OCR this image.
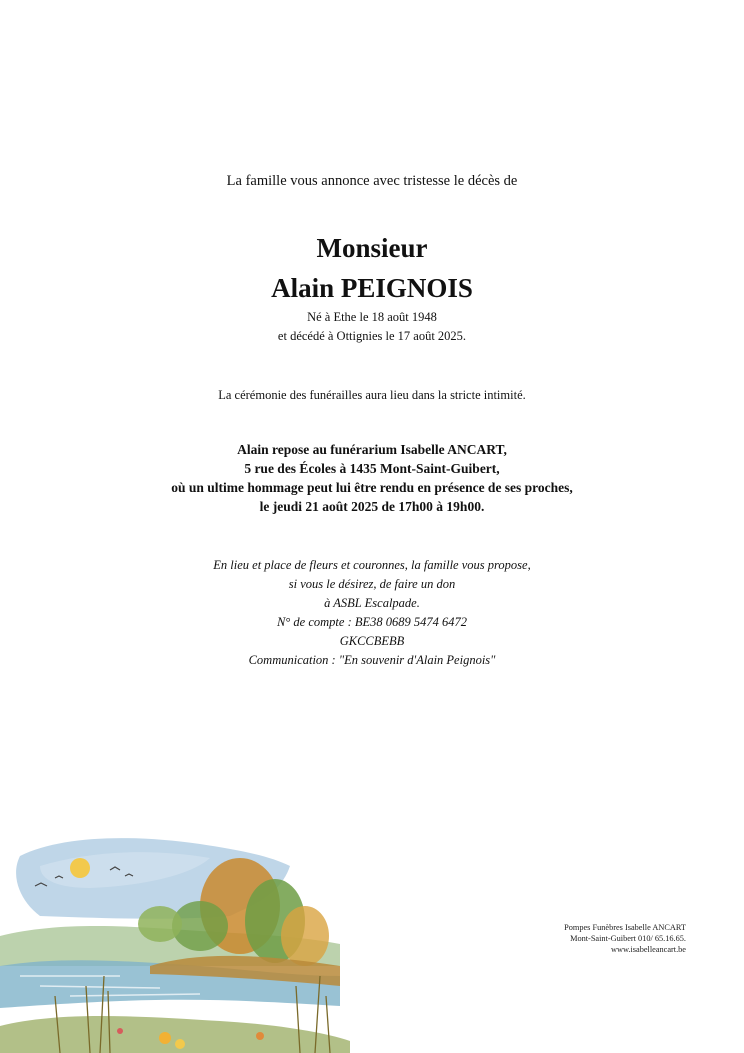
La famille vous annonce avec tristesse le décès de
Monsieur
Alain PEIGNOIS
Né à Ethe le 18 août 1948
et décédé à Ottignies le 17 août 2025.
La cérémonie des funérailles aura lieu dans la stricte intimité.
Alain repose au funérarium Isabelle ANCART,
5 rue des Écoles à 1435 Mont-Saint-Guibert,
où un ultime hommage peut lui être rendu en présence de ses proches,
le jeudi 21 août 2025 de 17h00 à 19h00.
En lieu et place de fleurs et couronnes, la famille vous propose,
si vous le désirez, de faire un don
à ASBL Escalpade.
N° de compte : BE38 0689 5474 6472
GKCCBEBB
Communication : "En souvenir d'Alain Peignois"
Pompes Funèbres Isabelle ANCART
Mont-Saint-Guibert 010/ 65.16.65.
www.isabelleancart.be
